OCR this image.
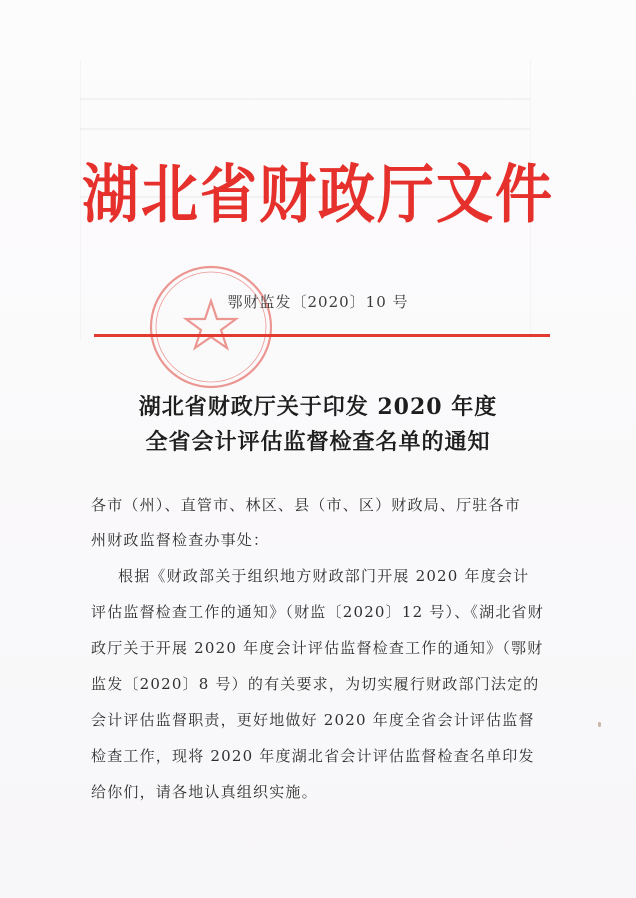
湖北省财政厅文件
鄂财监发〔2020〕10 号
湖北省财政厅关于印发 2020 年度
全省会计评估监督检查名单的通知
各市（州）、直管市、林区、县（市、区）财政局、厅驻各市
州财政监督检查办事处：
根据《财政部关于组织地方财政部门开展 2020 年度会计
评估监督检查工作的通知》（财监〔2020〕12 号）、《湖北省财
政厅关于开展 2020 年度会计评估监督检查工作的通知》（鄂财
监发〔2020〕8 号）的有关要求，为切实履行财政部门法定的
会计评估监督职责，更好地做好 2020 年度全省会计评估监督
检查工作，现将 2020 年度湖北省会计评估监督检查名单印发
给你们，请各地认真组织实施。
